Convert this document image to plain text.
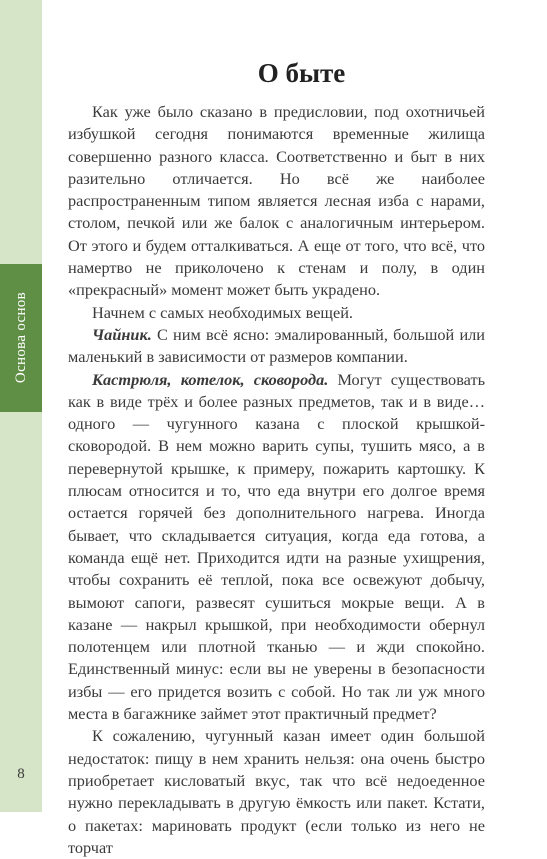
Основа основ
8
О быте

Как уже было сказано в предисловии, под охотничьей избушкой сегодня понимаются временные жилища совершенно разного класса. Соответственно и быт в них разительно отличается. Но всё же наиболее распространенным типом является лесная изба с нарами, столом, печкой или же балок с аналогичным интерьером. От этого и будем отталкиваться. А еще от того, что всё, что намертво не приколочено к стенам и полу, в один «прекрасный» момент может быть украдено.

Начнем с самых необходимых вещей.

Чайник. С ним всё ясно: эмалированный, большой или маленький в зависимости от размеров компании.

Кастрюля, котелок, сковорода. Могут существовать как в виде трёх и более разных предметов, так и в виде… одного — чугунного казана с плоской крышкой-сковородой. В нем можно варить супы, тушить мясо, а в перевернутой крышке, к примеру, пожарить картошку. К плюсам относится и то, что еда внутри его долгое время остается горячей без дополнительного нагрева. Иногда бывает, что складывается ситуация, когда еда готова, а команда ещё нет. Приходится идти на разные ухищрения, чтобы сохранить её теплой, пока все освежуют добычу, вымоют сапоги, развесят сушиться мокрые вещи. А в казане — накрыл крышкой, при необходимости обернул полотенцем или плотной тканью — и жди спокойно. Единственный минус: если вы не уверены в безопасности избы — его придется возить с собой. Но так ли уж много места в багажнике займет этот практичный предмет?

К сожалению, чугунный казан имеет один большой недостаток: пищу в нем хранить нельзя: она очень быстро приобретает кисловатый вкус, так что всё недоеденное нужно перекладывать в другую ёмкость или пакет. Кстати, о пакетах: мариновать продукт (если только из него не торчат
